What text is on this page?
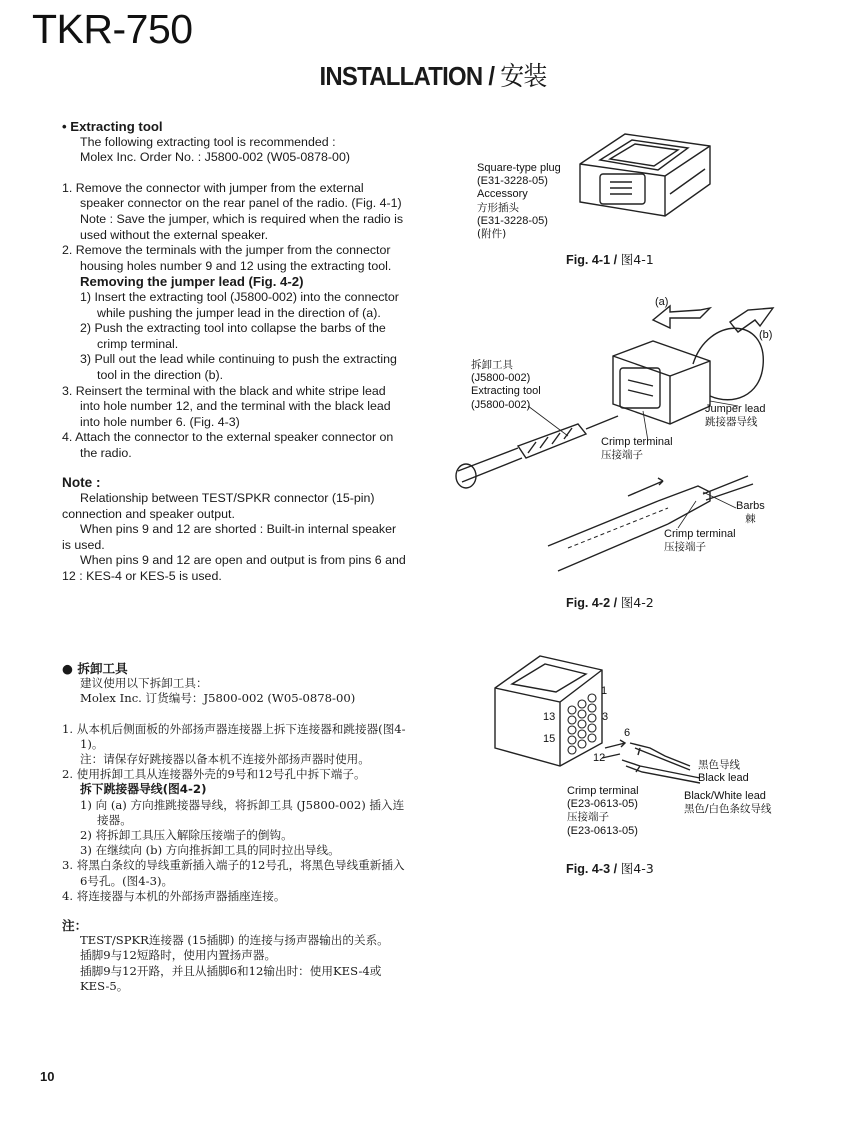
TKR-750
INSTALLATION / 安装

• Extracting tool

The following extracting tool is recommended :

Molex Inc. Order No. : J5800-002 (W05-0878-00)

1. Remove the connector with jumper from the external speaker connector on the rear panel of the radio. (Fig. 4-1)

Note : Save the jumper, which is required when the radio is used without the external speaker.

2. Remove the terminals with the jumper from the connector housing holes number 9 and 12 using the extracting tool.

Removing the jumper lead (Fig. 4-2)

1) Insert the extracting tool (J5800-002) into the connector while pushing the jumper lead in the direction of (a).

2) Push the extracting tool into collapse the barbs of the crimp terminal.

3) Pull out the lead while continuing to push the extracting tool in the direction (b).

3. Reinsert the terminal with the black and white stripe lead into hole number 12, and the terminal with the black lead into hole number 6. (Fig. 4-3)

4. Attach the connector to the external speaker connector on the radio.

Note :

Relationship between TEST/SPKR connector (15-pin) connection and speaker output.

When pins 9 and 12 are shorted : Built-in internal speaker is used.

When pins 9 and 12 are open and output is from pins 6 and 12 : KES-4 or KES-5 is used.

● 拆卸工具

建议使用以下拆卸工具：

Molex Inc. 订货编号：J5800-002 (W05-0878-00)

1. 从本机后侧面板的外部扬声器连接器上拆下连接器和跳接器(图4-1)。

注：请保存好跳接器以备本机不连接外部扬声器时使用。

2. 使用拆卸工具从连接器外壳的9号和12号孔中拆下端子。

拆下跳接器导线(图4-2)

1) 向 (a) 方向推跳接器导线，将拆卸工具 (J5800-002) 插入连接器。

2) 将拆卸工具压入解除压接端子的倒钩。

3) 在继续向 (b) 方向推拆卸工具的同时拉出导线。

3. 将黑白条纹的导线重新插入端子的12号孔，将黑色导线重新插入6号孔。(图4-3)。

4. 将连接器与本机的外部扬声器插座连接。

注：

TEST/SPKR连接器 (15插脚) 的连接与扬声器输出的关系。

插脚9与12短路时，使用内置扬声器。

插脚9与12开路，并且从插脚6和12输出时：使用KES-4或KES-5。

Square-type plug
(E31-3228-05)
Accessory
方形插头
(E31-3228-05)
(附件)
Fig. 4-1 / 图4-1
(a)
(b)
拆卸工具
(J5800-002)
Extracting tool
(J5800-002)	Jumper lead
跳接器导线
Crimp terminal
压接端子
Barbs
棘
Crimp terminal
压接端子
Fig. 4-2 / 图4-2
1
3
13
15	6
12
黑色导线
Black lead
Black/White lead
黑色/白色条纹导线
Crimp terminal
(E23-0613-05)
压接端子
(E23-0613-05)
Fig. 4-3 / 图4-3
10
